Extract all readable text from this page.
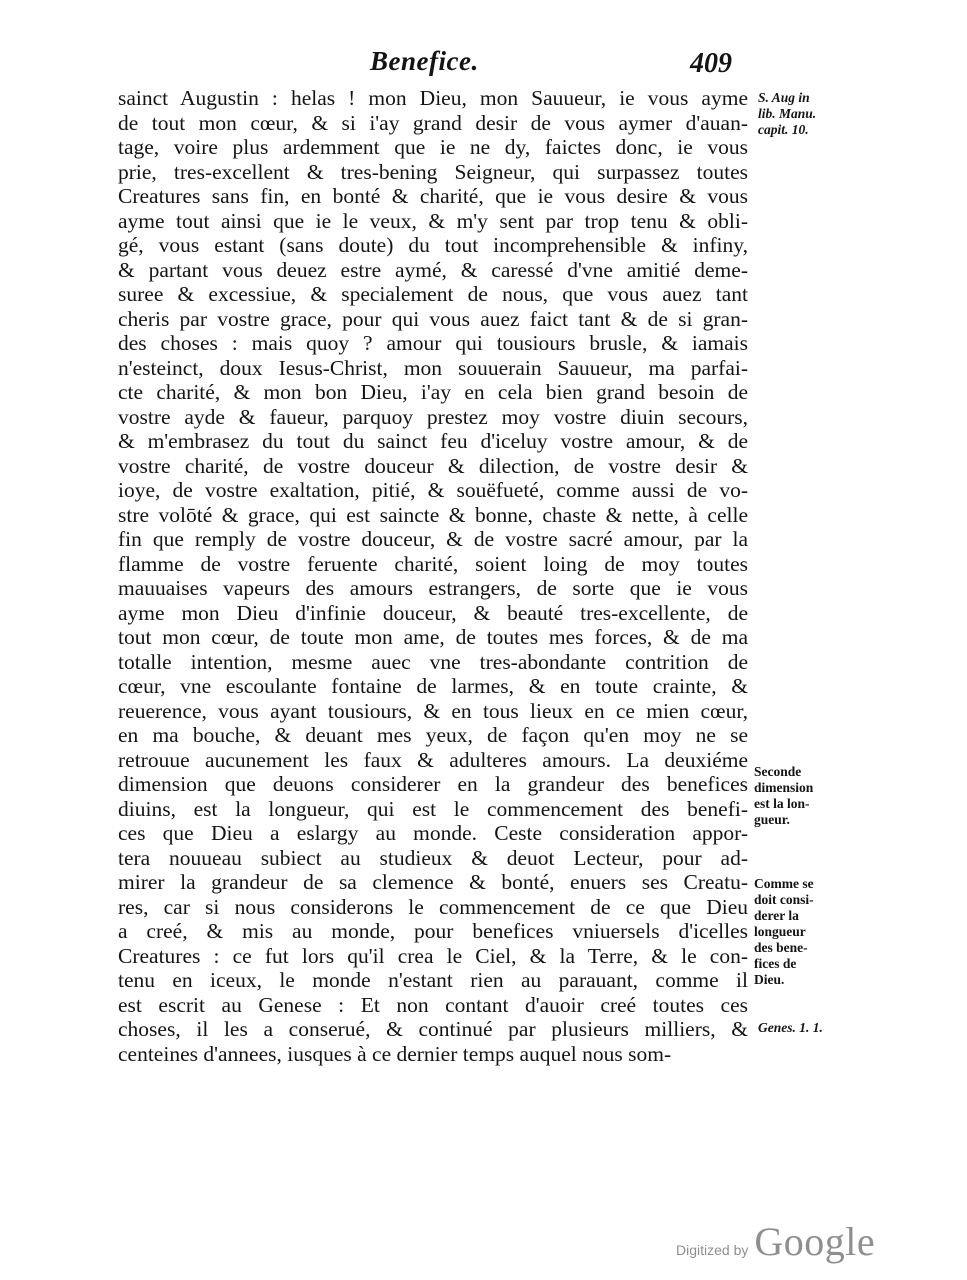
Benefice.	409
sainct Augustin : helas ! mon Dieu, mon Sauueur, ie vous ayme
de tout mon cœur, & si i'ay grand desir de vous aymer d'auan-
tage, voire plus ardemment que ie ne dy, faictes donc, ie vous
prie, tres-excellent & tres-bening Seigneur, qui surpassez toutes
Creatures sans fin, en bonté & charité, que ie vous desire & vous
ayme tout ainsi que ie le veux, & m'y sent par trop tenu & obli-
gé, vous estant (sans doute) du tout incomprehensible & infiny,
& partant vous deuez estre aymé, & caressé d'vne amitié deme-
suree & excessiue, & specialement de nous, que vous auez tant
cheris par vostre grace, pour qui vous auez faict tant & de si gran-
des choses : mais quoy ? amour qui tousiours brusle, & iamais
n'esteinct, doux Iesus-Christ, mon souuerain Sauueur, ma parfai-
cte charité, & mon bon Dieu, i'ay en cela bien grand besoin de
vostre ayde & faueur, parquoy prestez moy vostre diuin secours,
& m'embrasez du tout du sainct feu d'iceluy vostre amour, & de
vostre charité, de vostre douceur & dilection, de vostre desir &
ioye, de vostre exaltation, pitié, & souëfueté, comme aussi de vo-
stre volōté & grace, qui est saincte & bonne, chaste & nette, à celle
fin que remply de vostre douceur, & de vostre sacré amour, par la
flamme de vostre feruente charité, soient loing de moy toutes
mauuaises vapeurs des amours estrangers, de sorte que ie vous
ayme mon Dieu d'infinie douceur, & beauté tres-excellente, de
tout mon cœur, de toute mon ame, de toutes mes forces, & de ma
totalle intention, mesme auec vne tres-abondante contrition de
cœur, vne escoulante fontaine de larmes, & en toute crainte, &
reuerence, vous ayant tousiours, & en tous lieux en ce mien cœur,
en ma bouche, & deuant mes yeux, de façon qu'en moy ne se
retrouue aucunement les faux & adulteres amours. La deuxiéme
dimension que deuons considerer en la grandeur des benefices
diuins, est la longueur, qui est le commencement des benefi-
ces que Dieu a eslargy au monde. Ceste consideration appor-
tera nouueau subiect au studieux & deuot Lecteur, pour ad-
mirer la grandeur de sa clemence & bonté, enuers ses Creatu-
res, car si nous considerons le commencement de ce que Dieu
a creé, & mis au monde, pour benefices vniuersels d'icelles
Creatures : ce fut lors qu'il crea le Ciel, & la Terre, & le con-
tenu en iceux, le monde n'estant rien au parauant, comme il
est escrit au Genese : Et non contant d'auoir creé toutes ces
choses, il les a conserué, & continué par plusieurs milliers, &
centeines d'annees, iusques à ce dernier temps auquel nous som-
S. Aug in
lib. Manu.
capit. 10.
Seconde
dimension
est la lon-
gueur.
Comme se
doit consi-
derer la
longueur
des bene-
fices de
Dieu.
Genes. 1. 1.
Digitized by Google
